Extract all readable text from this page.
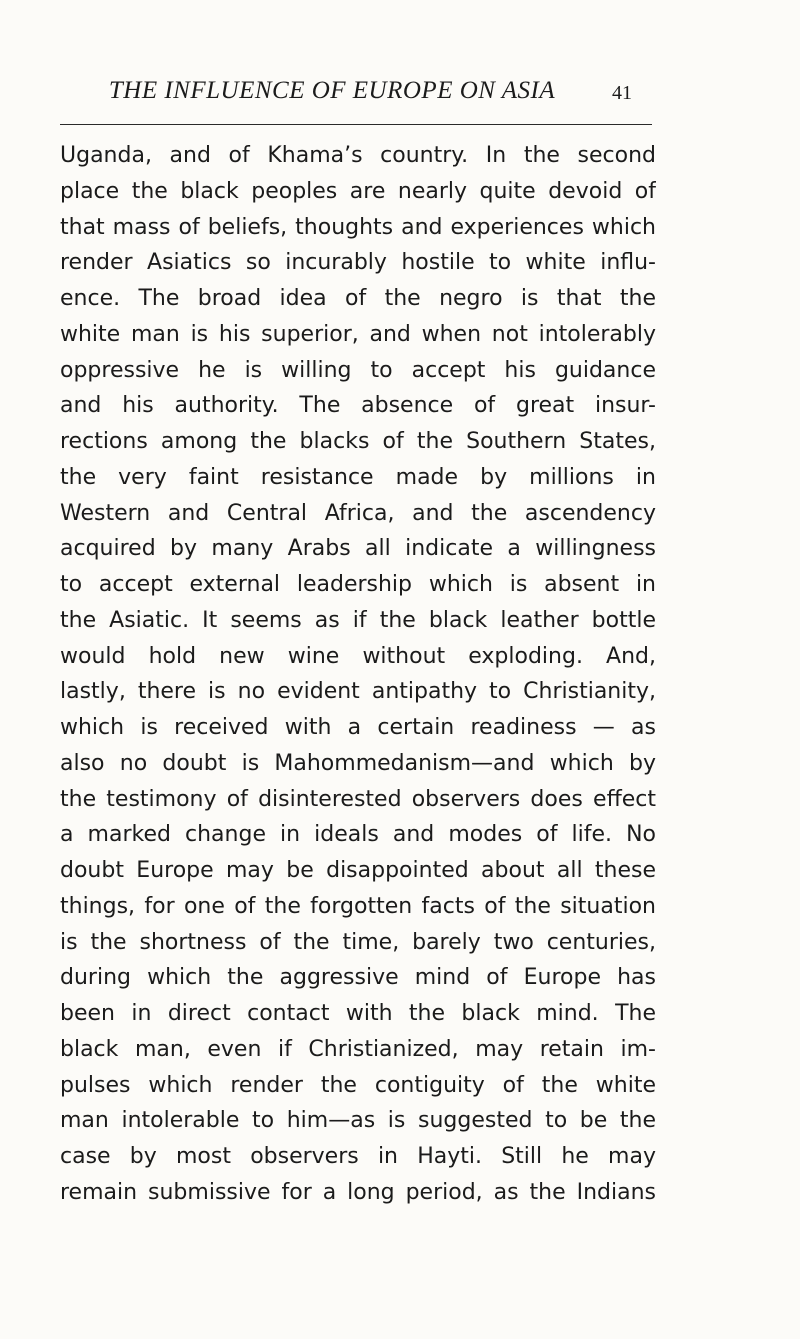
THE INFLUENCE OF EUROPE ON ASIA	41
Uganda, and of Khama’s country. In the second
place the black peoples are nearly quite devoid of
that mass of beliefs, thoughts and experiences which
render Asiatics so incurably hostile to white influ-
ence. The broad idea of the negro is that the
white man is his superior, and when not intolerably
oppressive he is willing to accept his guidance
and his authority. The absence of great insur-
rections among the blacks of the Southern States,
the very faint resistance made by millions in
Western and Central Africa, and the ascendency
acquired by many Arabs all indicate a willingness
to accept external leadership which is absent in
the Asiatic. It seems as if the black leather bottle
would hold new wine without exploding. And,
lastly, there is no evident antipathy to Christianity,
which is received with a certain readiness — as
also no doubt is Mahommedanism—and which by
the testimony of disinterested observers does effect
a marked change in ideals and modes of life. No
doubt Europe may be disappointed about all these
things, for one of the forgotten facts of the situation
is the shortness of the time, barely two centuries,
during which the aggressive mind of Europe has
been in direct contact with the black mind. The
black man, even if Christianized, may retain im-
pulses which render the contiguity of the white
man intolerable to him—as is suggested to be the
case by most observers in Hayti. Still he may
remain submissive for a long period, as the Indians
